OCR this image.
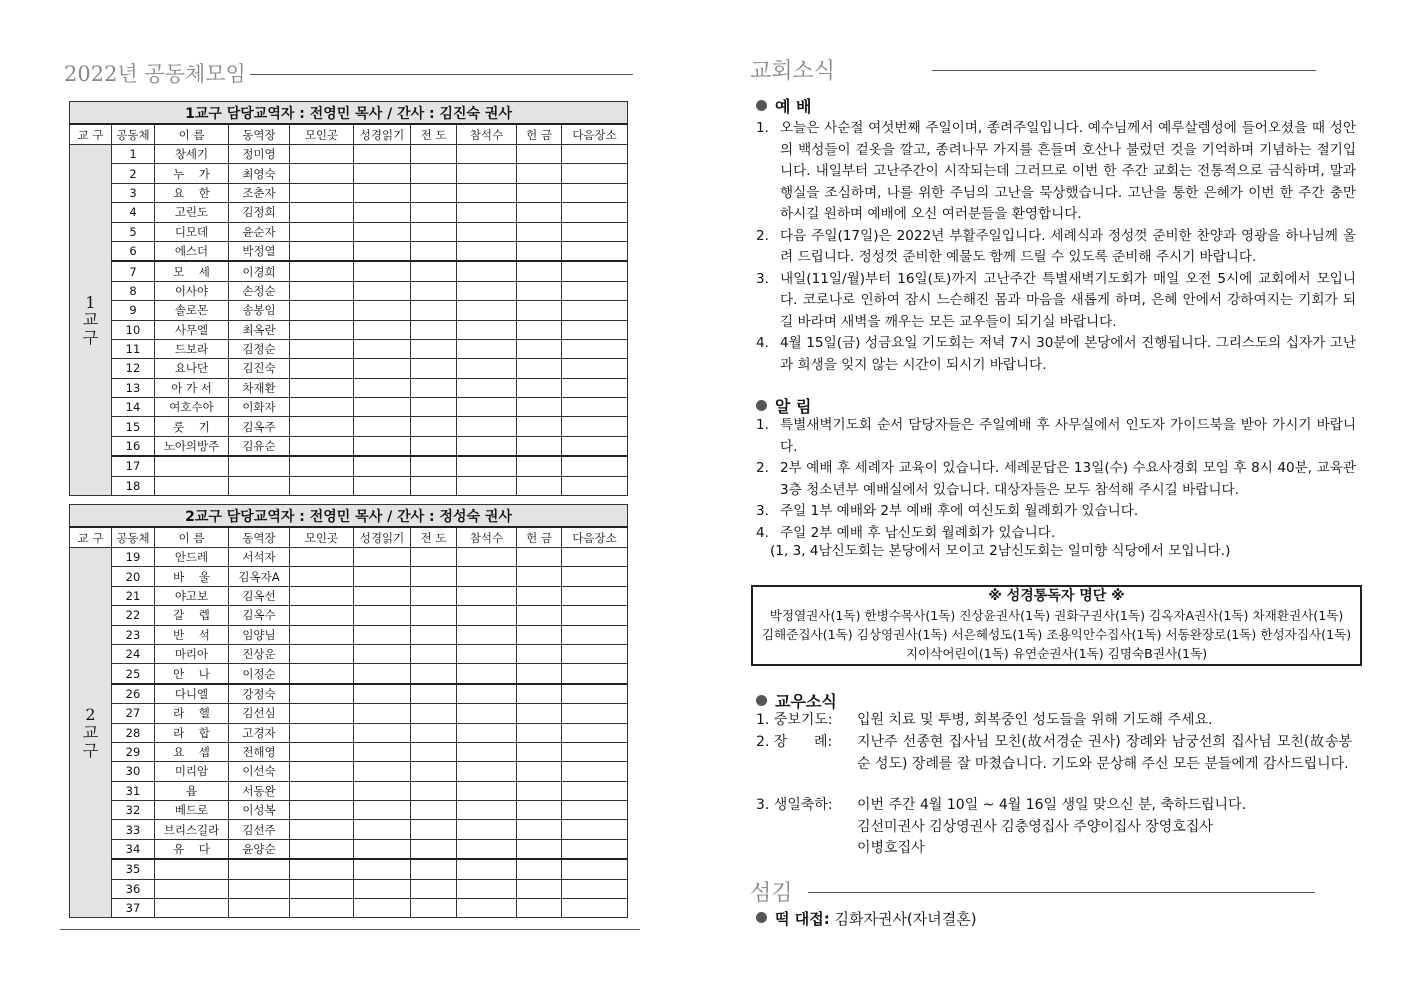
2022년 공동체모임
1교구 담당교역자 : 전영민 목사 / 간사 : 김진숙 권사									
교 구	공동체	이 름	동역장	모인곳	성경읽기	전 도	참석수	헌 금	다음장소
1
교
구	1	창세기	정미영						
	2	누    가	최영숙						
	3	요    한	조춘자						
	4	고린도	김정희						
	5	디모데	윤순자						
	6	에스더	박정열						
	7	모    세	이경희						
	8	이사야	손정순						
	9	솔로몬	송봉임						
	10	사무엘	최옥란						
	11	드보라	김정순						
	12	요나단	김진숙						
	13	아 가 서	차재환						
	14	여호수아	이화자						
	15	룻    기	김옥주						
	16	노아의방주	김유순						
	17								
	18								
2교구 담당교역자 : 전영민 목사 / 간사 : 정성숙 권사									
교 구	공동체	이 름	동역장	모인곳	성경읽기	전 도	참석수	헌 금	다음장소
2
교
구	19	안드레	서석자						
	20	바    울	김옥자A						
	21	야고보	김옥선						
	22	갈    렙	김옥수						
	23	반    석	임양님						
	24	마리아	진상운						
	25	안    나	이정순						
	26	다니엘	강정숙						
	27	라    헬	김선심						
	28	라    합	고경자						
	29	요    셉	전해영						
	30	미리암	이선숙						
	31	욥	서동완						
	32	베드로	이성복						
	33	브리스길라	김선주						
	34	유    다	윤양순						
	35								
	36								
	37								
교회소식
예 배
1. 오늘은 사순절 여섯번째 주일이며, 종려주일입니다. 예수님께서 예루살렘성에 들어오셨을 때 성안의 백성들이 겉옷을 깔고, 종려나무 가지를 흔들며 호산나 불렀던 것을 기억하며 기념하는 절기입니다. 내일부터 고난주간이 시작되는데 그러므로 이번 한 주간 교회는 전통적으로 금식하며, 말과 행실을 조심하며, 나를 위한 주님의 고난을 묵상했습니다. 고난을 통한 은혜가 이번 한 주간 충만하시길 원하며 예배에 오신 여러분들을 환영합니다.
2. 다음 주일(17일)은 2022년 부활주일입니다. 세례식과 정성껏 준비한 찬양과 영광을 하나님께 올려 드립니다. 정성껏 준비한 예물도 함께 드릴 수 있도록 준비해 주시기 바랍니다.
3. 내일(11일/월)부터 16일(토)까지 고난주간 특별새벽기도회가 매일 오전 5시에 교회에서 모입니다. 코로나로 인하여 잠시 느슨해진 몸과 마음을 새롭게 하며, 은혜 안에서 강하여지는 기회가 되길 바라며 새벽을 깨우는 모든 교우들이 되기실 바랍니다.
4. 4월 15일(금) 성금요일 기도회는 저녁 7시 30분에 본당에서 진행됩니다. 그리스도의 십자가 고난과 희생을 잊지 않는 시간이 되시기 바랍니다.
알 림
1. 특별새벽기도회 순서 담당자들은 주일예배 후 사무실에서 인도자 가이드북을 받아 가시기 바랍니다.
2. 2부 예배 후 세례자 교육이 있습니다. 세례문답은 13일(수) 수요사경회 모임 후 8시 40분, 교육관 3층 청소년부 예배실에서 있습니다. 대상자들은 모두 참석해 주시길 바랍니다.
3. 주일 1부 예배와 2부 예배 후에 여신도회 월례회가 있습니다.
4. 주일 2부 예배 후 남신도회 월례회가 있습니다.
(1, 3, 4남신도회는 본당에서 모이고 2남신도회는 일미향 식당에서 모입니다.)
※ 성경통독자 명단 ※
박정열권사(1독) 한병수목사(1독) 진상윤권사(1독) 권화구권사(1독) 김옥자A권사(1독) 차재환권사(1독)
김해준집사(1독) 김상영권사(1독) 서은혜성도(1독) 조용익안수집사(1독) 서동완장로(1독) 한성자집사(1독)
지이삭어린이(1독) 유연순권사(1독) 김명숙B권사(1독)
교우소식
1. 중보기도: 입원 치료 및 투병, 회복중인 성도들을 위해 기도해 주세요.
2. 장      례: 지난주 선종현 집사님 모친(故서경순 권사) 장례와 남궁선희 집사님 모친(故송봉순 성도) 장례를 잘 마쳤습니다. 기도와 문상해 주신 모든 분들에게 감사드립니다.
3. 생일축하: 이번 주간 4월 10일 ~ 4월 16일 생일 맞으신 분, 축하드립니다.
김선미권사 김상영권사 김충영집사 주양이집사 장영호집사
이병호집사
섬김
떡 대접: 김화자권사(자녀결혼)
